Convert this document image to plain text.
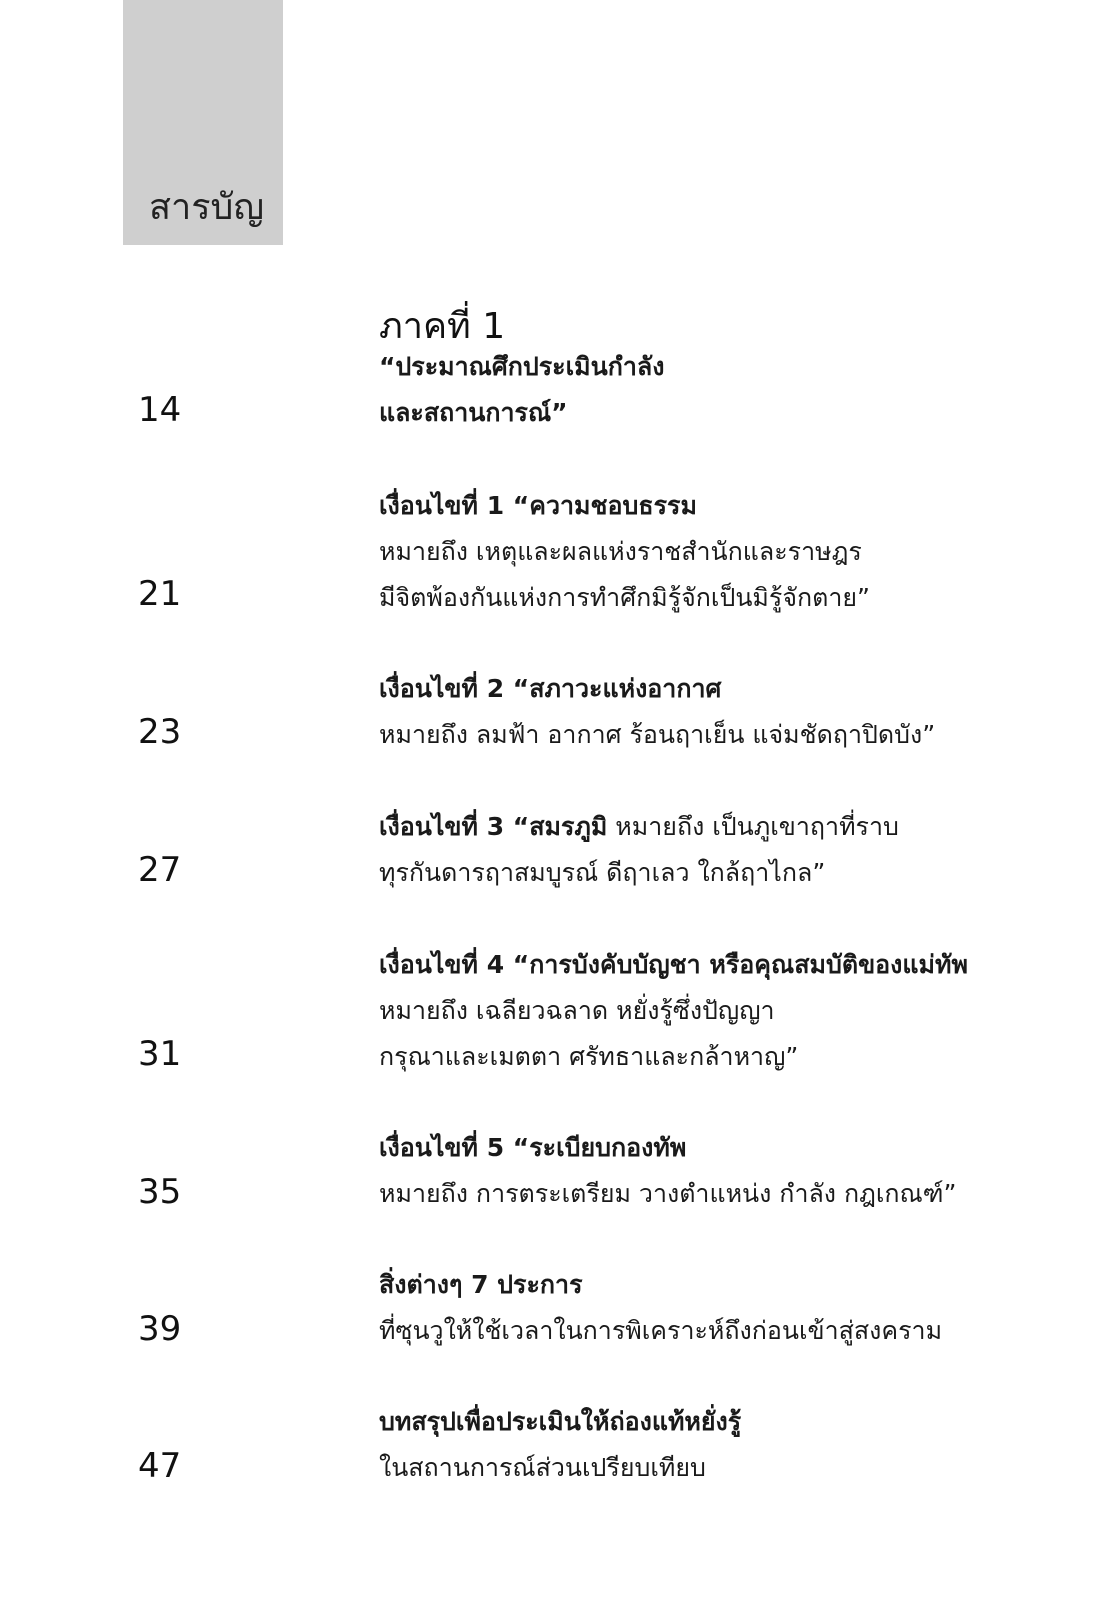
สารบัญ
ภาคที่ 1
14
“ประมาณศึกประเมินกำลัง
และสถานการณ์”
21
เงื่อนไขที่ 1 “ความชอบธรรม
หมายถึง เหตุและผลแห่งราชสำนักและราษฎร
มีจิตพ้องกันแห่งการทำศึกมิรู้จักเป็นมิรู้จักตาย”
23
เงื่อนไขที่ 2 “สภาวะแห่งอากาศ
หมายถึง ลมฟ้า อากาศ ร้อนฤาเย็น แจ่มชัดฤาปิดบัง”
27
เงื่อนไขที่ 3 “สมรภูมิ หมายถึง เป็นภูเขาฤาที่ราบ
ทุรกันดารฤาสมบูรณ์ ดีฤาเลว ใกล้ฤาไกล”
31
เงื่อนไขที่ 4 “การบังคับบัญชา หรือคุณสมบัติของแม่ทัพ
หมายถึง เฉลียวฉลาด หยั่งรู้ซึ่งปัญญา
กรุณาและเมตตา ศรัทธาและกล้าหาญ”
35
เงื่อนไขที่ 5 “ระเบียบกองทัพ
หมายถึง การตระเตรียม วางตำแหน่ง กำลัง กฎเกณฑ์”
39
สิ่งต่างๆ 7 ประการ
ที่ซุนวูให้ใช้เวลาในการพิเคราะห์ถึงก่อนเข้าสู่สงคราม
47
บทสรุปเพื่อประเมินให้ถ่องแท้หยั่งรู้
ในสถานการณ์ส่วนเปรียบเทียบ
